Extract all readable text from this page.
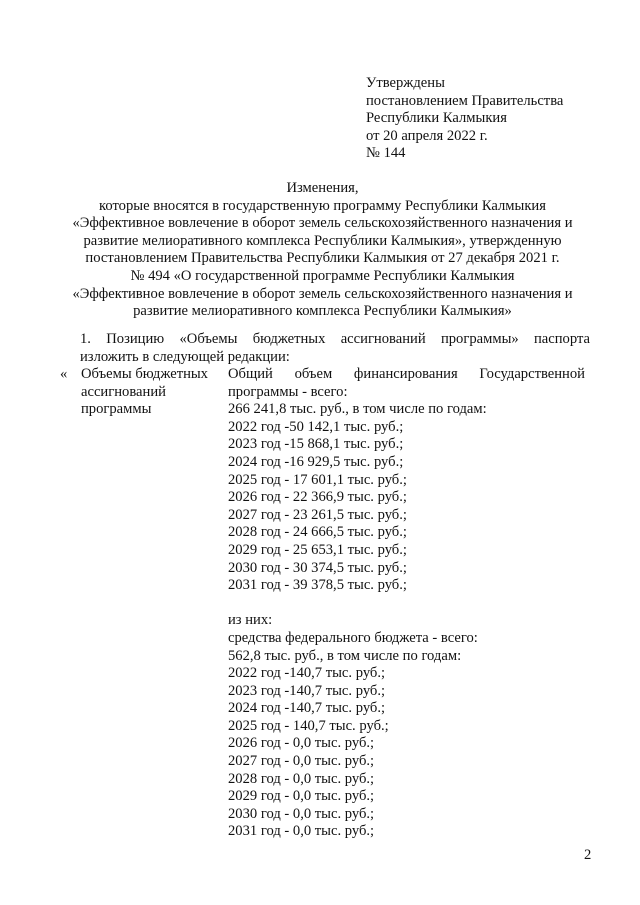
Утверждены
постановлением Правительства
Республики Калмыкия
от 20 апреля 2022 г.
№ 144
Изменения,
которые вносятся в государственную программу Республики Калмыкия
«Эффективное вовлечение в оборот земель сельскохозяйственного назначения и
развитие мелиоративного комплекса Республики Калмыкия», утвержденную
постановлением Правительства Республики Калмыкия от 27 декабря 2021 г.
№ 494 «О государственной программе Республики Калмыкия
«Эффективное вовлечение в оборот земель сельскохозяйственного назначения и
развитие мелиоративного комплекса Республики Калмыкия»
1. Позицию «Объемы бюджетных ассигнований программы» паспорта
изложить в следующей редакции:
« Объемы бюджетных
ассигнований
программы
Общий объем финансирования Государственной
программы - всего:
266 241,8 тыс. руб., в том числе по годам:
2022 год -50 142,1 тыс. руб.;
2023 год -15 868,1 тыс. руб.;
2024 год -16 929,5 тыс. руб.;
2025 год - 17 601,1 тыс. руб.;
2026 год - 22 366,9 тыс. руб.;
2027 год - 23 261,5 тыс. руб.;
2028 год - 24 666,5 тыс. руб.;
2029 год - 25 653,1 тыс. руб.;
2030 год - 30 374,5 тыс. руб.;
2031 год - 39 378,5 тыс. руб.;
из них:
средства федерального бюджета - всего:
562,8 тыс. руб., в том числе по годам:
2022 год -140,7 тыс. руб.;
2023 год -140,7 тыс. руб.;
2024 год -140,7 тыс. руб.;
2025 год - 140,7 тыс. руб.;
2026 год - 0,0 тыс. руб.;
2027 год - 0,0 тыс. руб.;
2028 год - 0,0 тыс. руб.;
2029 год - 0,0 тыс. руб.;
2030 год - 0,0 тыс. руб.;
2031 год - 0,0 тыс. руб.;
2
